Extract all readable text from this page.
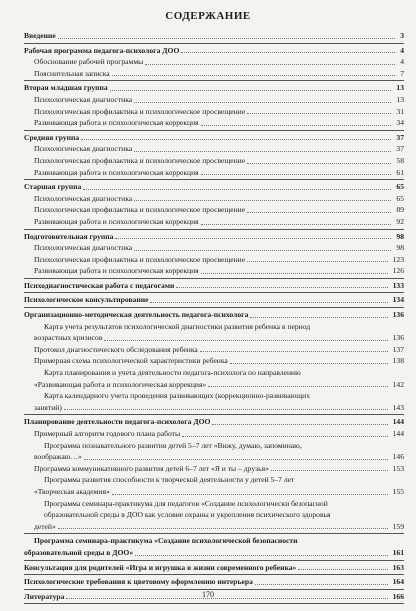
СОДЕРЖАНИЕ
Введение	3
Рабочая программа педагога-психолога ДОО	4
Обоснование рабочей программы	4
Пояснительная записка	7
Вторая младшая группа	13
Психологическая диагностика	13
Психологическая профилактика и психологическое просвещение	31
Развивающая работа и психологическая коррекция	34
Средняя группа	37
Психологическая диагностика	37
Психологическая профилактика и психологическое просвещение	58
Развивающая работа и психологическая коррекция	61
Старшая группа	65
Психологическая диагностика	65
Психологическая профилактика и психологическое просвещение	89
Развивающая работа и психологическая коррекция	92
Подготовительная группа	98
Психологическая диагностика	98
Психологическая профилактика и психологическое просвещение	123
Развивающая работа и психологическая коррекция	126
Психодиагностическая работа с педагогами	133
Психологическое консультирование	134
Организационно-методическая деятельность педагога-психолога	136
Карта учета результатов психологической диагностики развития ребенка в период
возрастных кризисов	136
Протокол диагностического обследования ребенка	137
Примерная схема психологической характеристики ребенка	138
Карта планирования и учета деятельности педагога-психолога по направлению
«Развивающая работа и психологическая коррекция»	142
Карта календарного учета проведения развивающих (коррекционно-развивающих
занятий)	143
Планирование деятельности педагога-психолога ДОО	144
Примерный алгоритм годового плана работы	144
Программа познавательного развития детей 5–7 лет «Вижу, думаю, запоминаю,
воображаю…»	146
Программа коммуникативного развития детей 6–7 лет «Я и ты – друзья»	153
Программа развития способности к творческой деятельности у детей 5–7 лет
«Творческая академия»	155
Программа семинара-практикума для педагогов «Создание психологически безопасной
образовательной среды в ДОО как условие охраны и укрепления психического здоровья
детей»	159
Программа семинара-практикума «Создание психологической безопасности
образовательной среды в ДОО»	161
Консультация для родителей «Игра и игрушка в жизни современного ребенка»	163
Психологические требования к цветовому оформлению интерьера	164
Литература	166
170
